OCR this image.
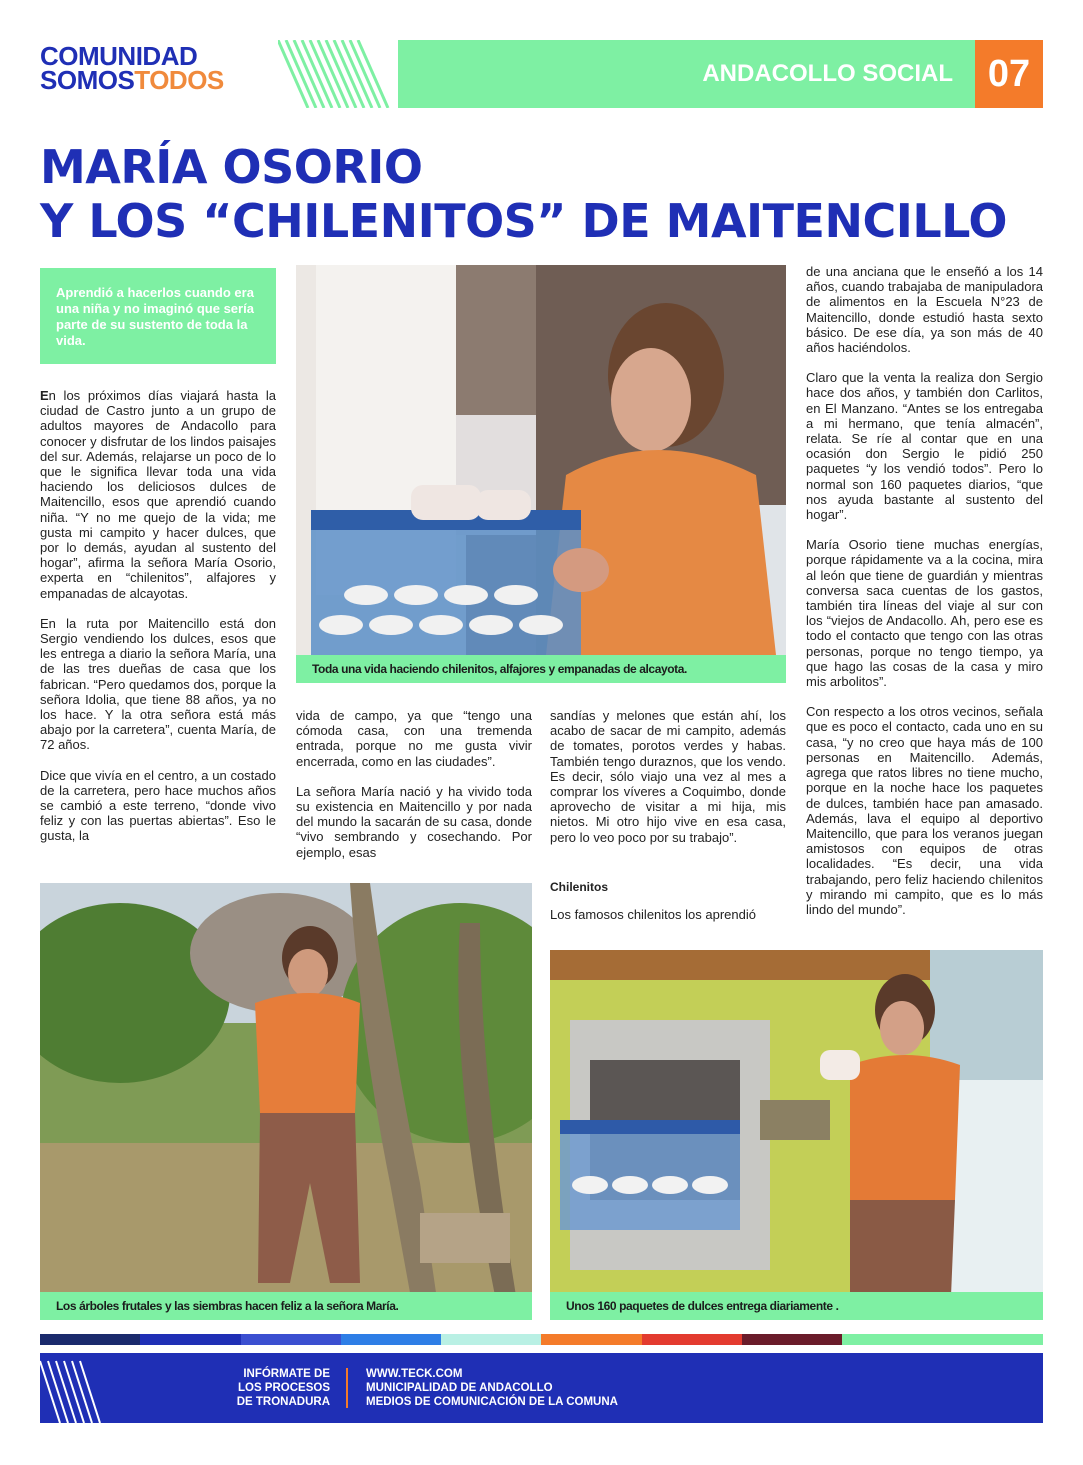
COMUNIDAD
SOMOSTODOS	ANDACOLLO SOCIAL 07
MARÍA OSORIO
Y LOS “CHILENITOS” DE MAITENCILLO
Aprendió a hacerlos cuando era una niña y no imaginó que sería parte de su sustento de toda la vida.

En los próximos días viajará hasta la ciudad de Castro junto a un grupo de adultos mayores de Andacollo para conocer y disfrutar de los lindos paisajes del sur. Además, relajarse un poco de lo que le significa llevar toda una vida haciendo los deliciosos dulces de Maitencillo, esos que aprendió cuando niña. “Y no me quejo de la vida; me gusta mi campito y hacer dulces, que por lo demás, ayudan al sustento del hogar”, afirma la señora María Osorio, experta en “chilenitos”, alfajores y empanadas de alcayotas.

En la ruta por Maitencillo está don Sergio vendiendo los dulces, esos que les entrega a diario la señora María, una de las tres dueñas de casa que los fabrican. “Pero quedamos dos, porque la señora Idolia, que tiene 88 años, ya no los hace. Y la otra señora está más abajo por la carretera”, cuenta María, de 72 años.

Dice que vivía en el centro, a un costado de la carretera, pero hace muchos años se cambió a este terreno, “donde vivo feliz y con las puertas abiertas”. Eso le gusta, la

Toda una vida haciendo chilenitos, alfajores y empanadas de alcayota.

vida de campo, ya que “tengo una cómoda casa, con una tremenda entrada, porque no me gusta vivir encerrada, como en las ciudades”.

La señora María nació y ha vivido toda su existencia en Maitencillo y por nada del mundo la sacarán de su casa, donde “vivo sembrando y cosechando. Por ejemplo, esas

sandías y melones que están ahí, los acabo de sacar de mi campito, además de tomates, porotos verdes y habas. También tengo duraznos, que los vendo. Es decir, sólo viajo una vez al mes a comprar los víveres a Coquimbo, donde aprovecho de visitar a mi hija, mis nietos. Mi otro hijo vive en esa casa, pero lo veo poco por su trabajo”.

Chilenitos

Los famosos chilenitos los aprendió

de una anciana que le enseñó a los 14 años, cuando trabajaba de manipuladora de alimentos en la Escuela N°23 de Maitencillo, donde estudió hasta sexto básico. De ese día, ya son más de 40 años haciéndolos.

Claro que la venta la realiza don Sergio hace dos años, y también don Carlitos, en El Manzano. “Antes se los entregaba a mi hermano, que tenía almacén”, relata. Se ríe al contar que en una ocasión don Sergio le pidió 250 paquetes “y los vendió todos”. Pero lo normal son 160 paquetes diarios, “que nos ayuda bastante al sustento del hogar”.

María Osorio tiene muchas energías, porque rápidamente va a la cocina, mira al león que tiene de guardián y mientras conversa saca cuentas de los gastos, también tira líneas del viaje al sur con los “viejos de Andacollo. Ah, pero ese es todo el contacto que tengo con las otras personas, porque no tengo tiempo, ya que hago las cosas de la casa y miro mis arbolitos”.

Con respecto a los otros vecinos, señala que es poco el contacto, cada uno en su casa, “y no creo que haya más de 100 personas en Maitencillo. Además, agrega que ratos libres no tiene mucho, porque en la noche hace los paquetes de dulces, también hace pan amasado. Además, lava el equipo al deportivo Maitencillo, que para los veranos juegan amistosos con equipos de otras localidades. “Es decir, una vida trabajando, pero feliz haciendo chilenitos y mirando mi campito, que es lo más lindo del mundo”.

Los árboles frutales y las siembras hacen feliz a la señora María.	Unos 160 paquetes de dulces entrega diariamente .
INFÓRMATE DE
LOS PROCESOS
DE TRONADURA
WWW.TECK.COM
MUNICIPALIDAD DE ANDACOLLO
MEDIOS DE COMUNICACIÓN DE LA COMUNA
